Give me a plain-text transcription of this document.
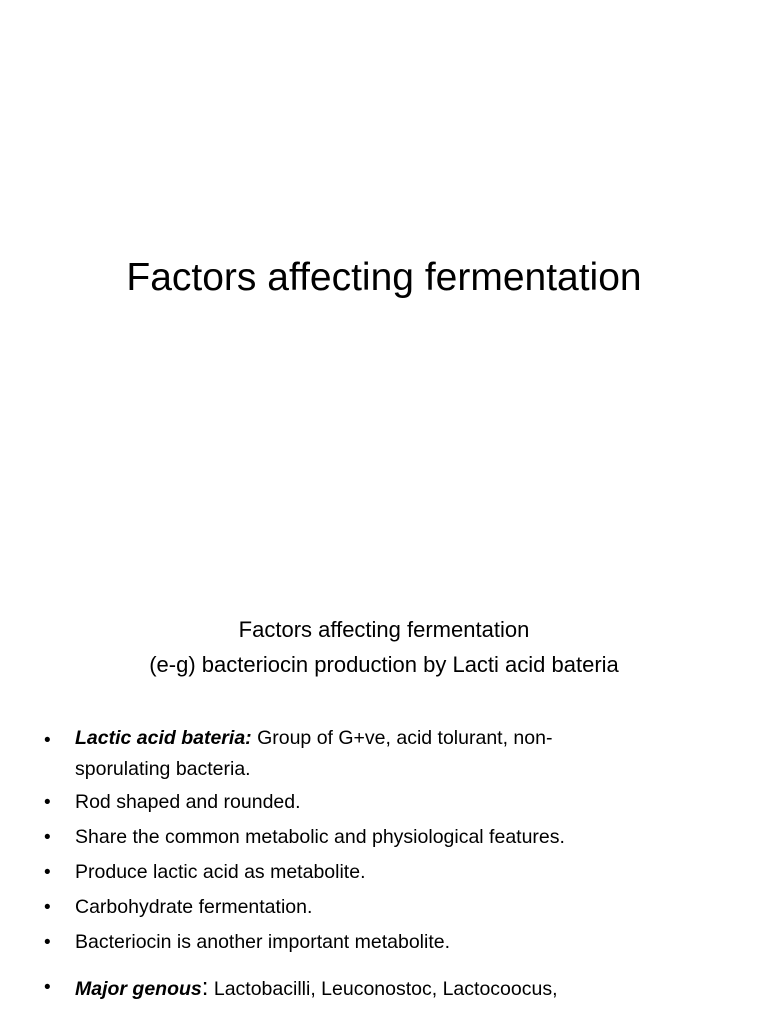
Factors affecting fermentation
Factors affecting fermentation
(e-g) bacteriocin production by Lacti acid bateria
• Lactic acid bateria: Group of G+ve, acid tolurant, non-
sporulating bacteria.
• Rod shaped and rounded.
• Share the common metabolic and physiological features.
• Produce lactic acid as metabolite.
• Carbohydrate fermentation.
• Bacteriocin is another important metabolite.
• Major genous: Lactobacilli, Leuconostoc, Lactocoocus,
